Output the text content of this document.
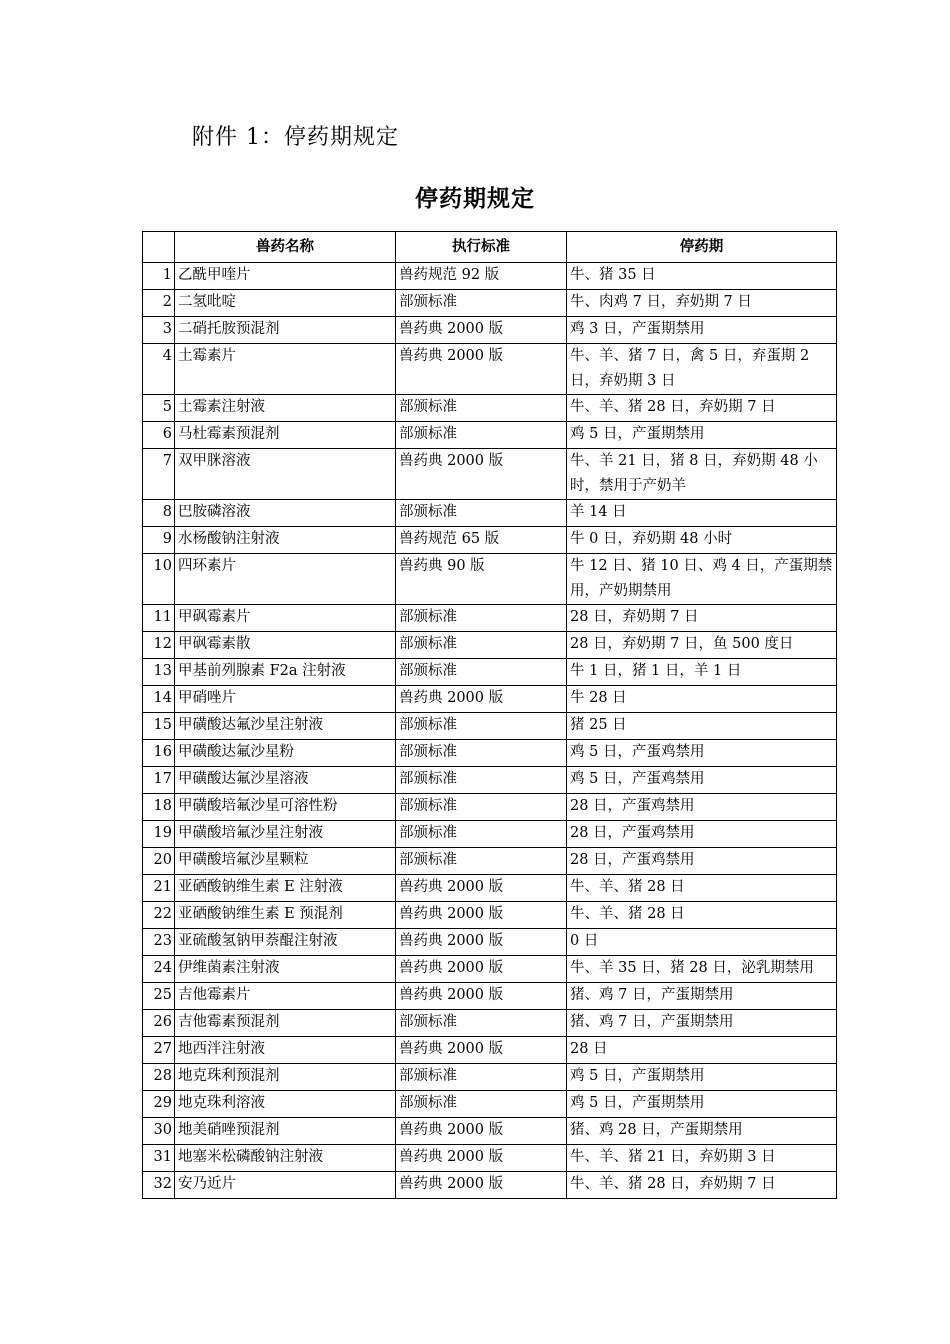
附件 1：停药期规定
停药期规定
	兽药名称	执行标准	停药期
1	乙酰甲喹片	兽药规范 92 版	牛、猪 35 日
2	二氢吡啶	部颁标准	牛、肉鸡 7 日，弃奶期 7 日
3	二硝托胺预混剂	兽药典 2000 版	鸡 3 日，产蛋期禁用
4	土霉素片	兽药典 2000 版	牛、羊、猪 7 日，禽 5 日，弃蛋期 2 日，弃奶期 3 日
5	土霉素注射液	部颁标准	牛、羊、猪 28 日，弃奶期 7 日
6	马杜霉素预混剂	部颁标准	鸡 5 日，产蛋期禁用
7	双甲脒溶液	兽药典 2000 版	牛、羊 21 日，猪 8 日，弃奶期 48 小时，禁用于产奶羊
8	巴胺磷溶液	部颁标准	羊 14 日
9	水杨酸钠注射液	兽药规范 65 版	牛 0 日，弃奶期 48 小时
10	四环素片	兽药典 90 版	牛 12 日、猪 10 日、鸡 4 日，产蛋期禁用，产奶期禁用
11	甲砜霉素片	部颁标准	28 日，弃奶期 7 日
12	甲砜霉素散	部颁标准	28 日，弃奶期 7 日，鱼 500 度日
13	甲基前列腺素 F2a 注射液	部颁标准	牛 1 日，猪 1 日，羊 1 日
14	甲硝唑片	兽药典 2000 版	牛 28 日
15	甲磺酸达氟沙星注射液	部颁标准	猪 25 日
16	甲磺酸达氟沙星粉	部颁标准	鸡 5 日，产蛋鸡禁用
17	甲磺酸达氟沙星溶液	部颁标准	鸡 5 日，产蛋鸡禁用
18	甲磺酸培氟沙星可溶性粉	部颁标准	28 日，产蛋鸡禁用
19	甲磺酸培氟沙星注射液	部颁标准	28 日，产蛋鸡禁用
20	甲磺酸培氟沙星颗粒	部颁标准	28 日，产蛋鸡禁用
21	亚硒酸钠维生素 E 注射液	兽药典 2000 版	牛、羊、猪 28 日
22	亚硒酸钠维生素 E 预混剂	兽药典 2000 版	牛、羊、猪 28 日
23	亚硫酸氢钠甲萘醌注射液	兽药典 2000 版	0 日
24	伊维菌素注射液	兽药典 2000 版	牛、羊 35 日，猪 28 日，泌乳期禁用
25	吉他霉素片	兽药典 2000 版	猪、鸡 7 日，产蛋期禁用
26	吉他霉素预混剂	部颁标准	猪、鸡 7 日，产蛋期禁用
27	地西泮注射液	兽药典 2000 版	28 日
28	地克珠利预混剂	部颁标准	鸡 5 日，产蛋期禁用
29	地克珠利溶液	部颁标准	鸡 5 日，产蛋期禁用
30	地美硝唑预混剂	兽药典 2000 版	猪、鸡 28 日，产蛋期禁用
31	地塞米松磷酸钠注射液	兽药典 2000 版	牛、羊、猪 21 日，弃奶期 3 日
32	安乃近片	兽药典 2000 版	牛、羊、猪 28 日，弃奶期 7 日
